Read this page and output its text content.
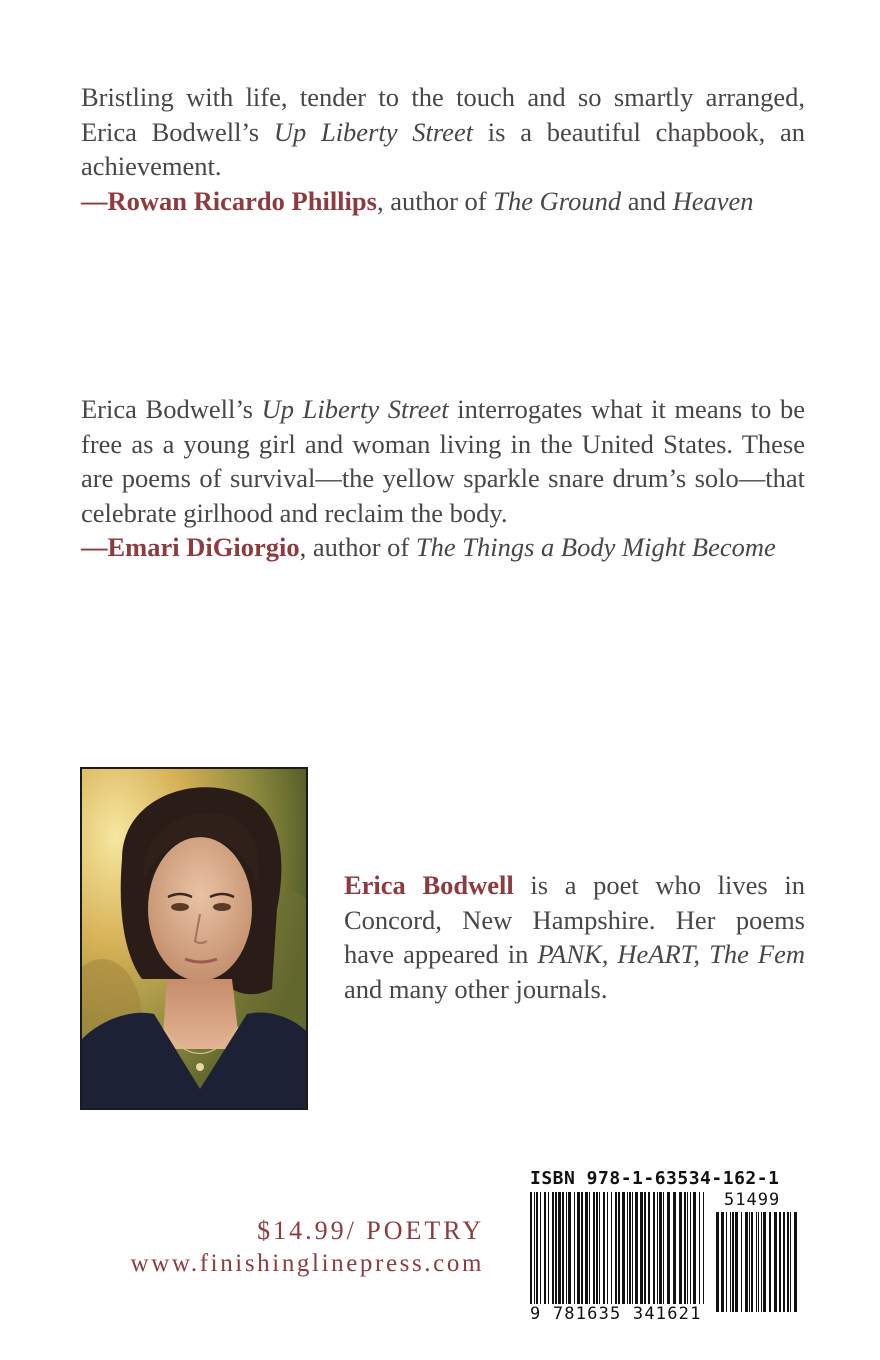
Bristling with life, tender to the touch and so smartly arranged, Erica Bodwell’s Up Liberty Street is a beautiful chapbook, an achievement.

—Rowan Ricardo Phillips, author of The Ground and Heaven

Erica Bodwell’s Up Liberty Street interrogates what it means to be free as a young girl and woman living in the United States. These are poems of survival—the yellow sparkle snare drum’s solo—that celebrate girlhood and reclaim the body.

—Emari DiGiorgio, author of The Things a Body Might Become

Erica Bodwell is a poet who lives in Concord, New Hampshire. Her poems have appeared in PANK, HeART, The Fem and many other journals.

$14.99/ POETRY
www.finishinglinepress.com
ISBN 978-1-63534-162-1
51499
9 781635 341621
